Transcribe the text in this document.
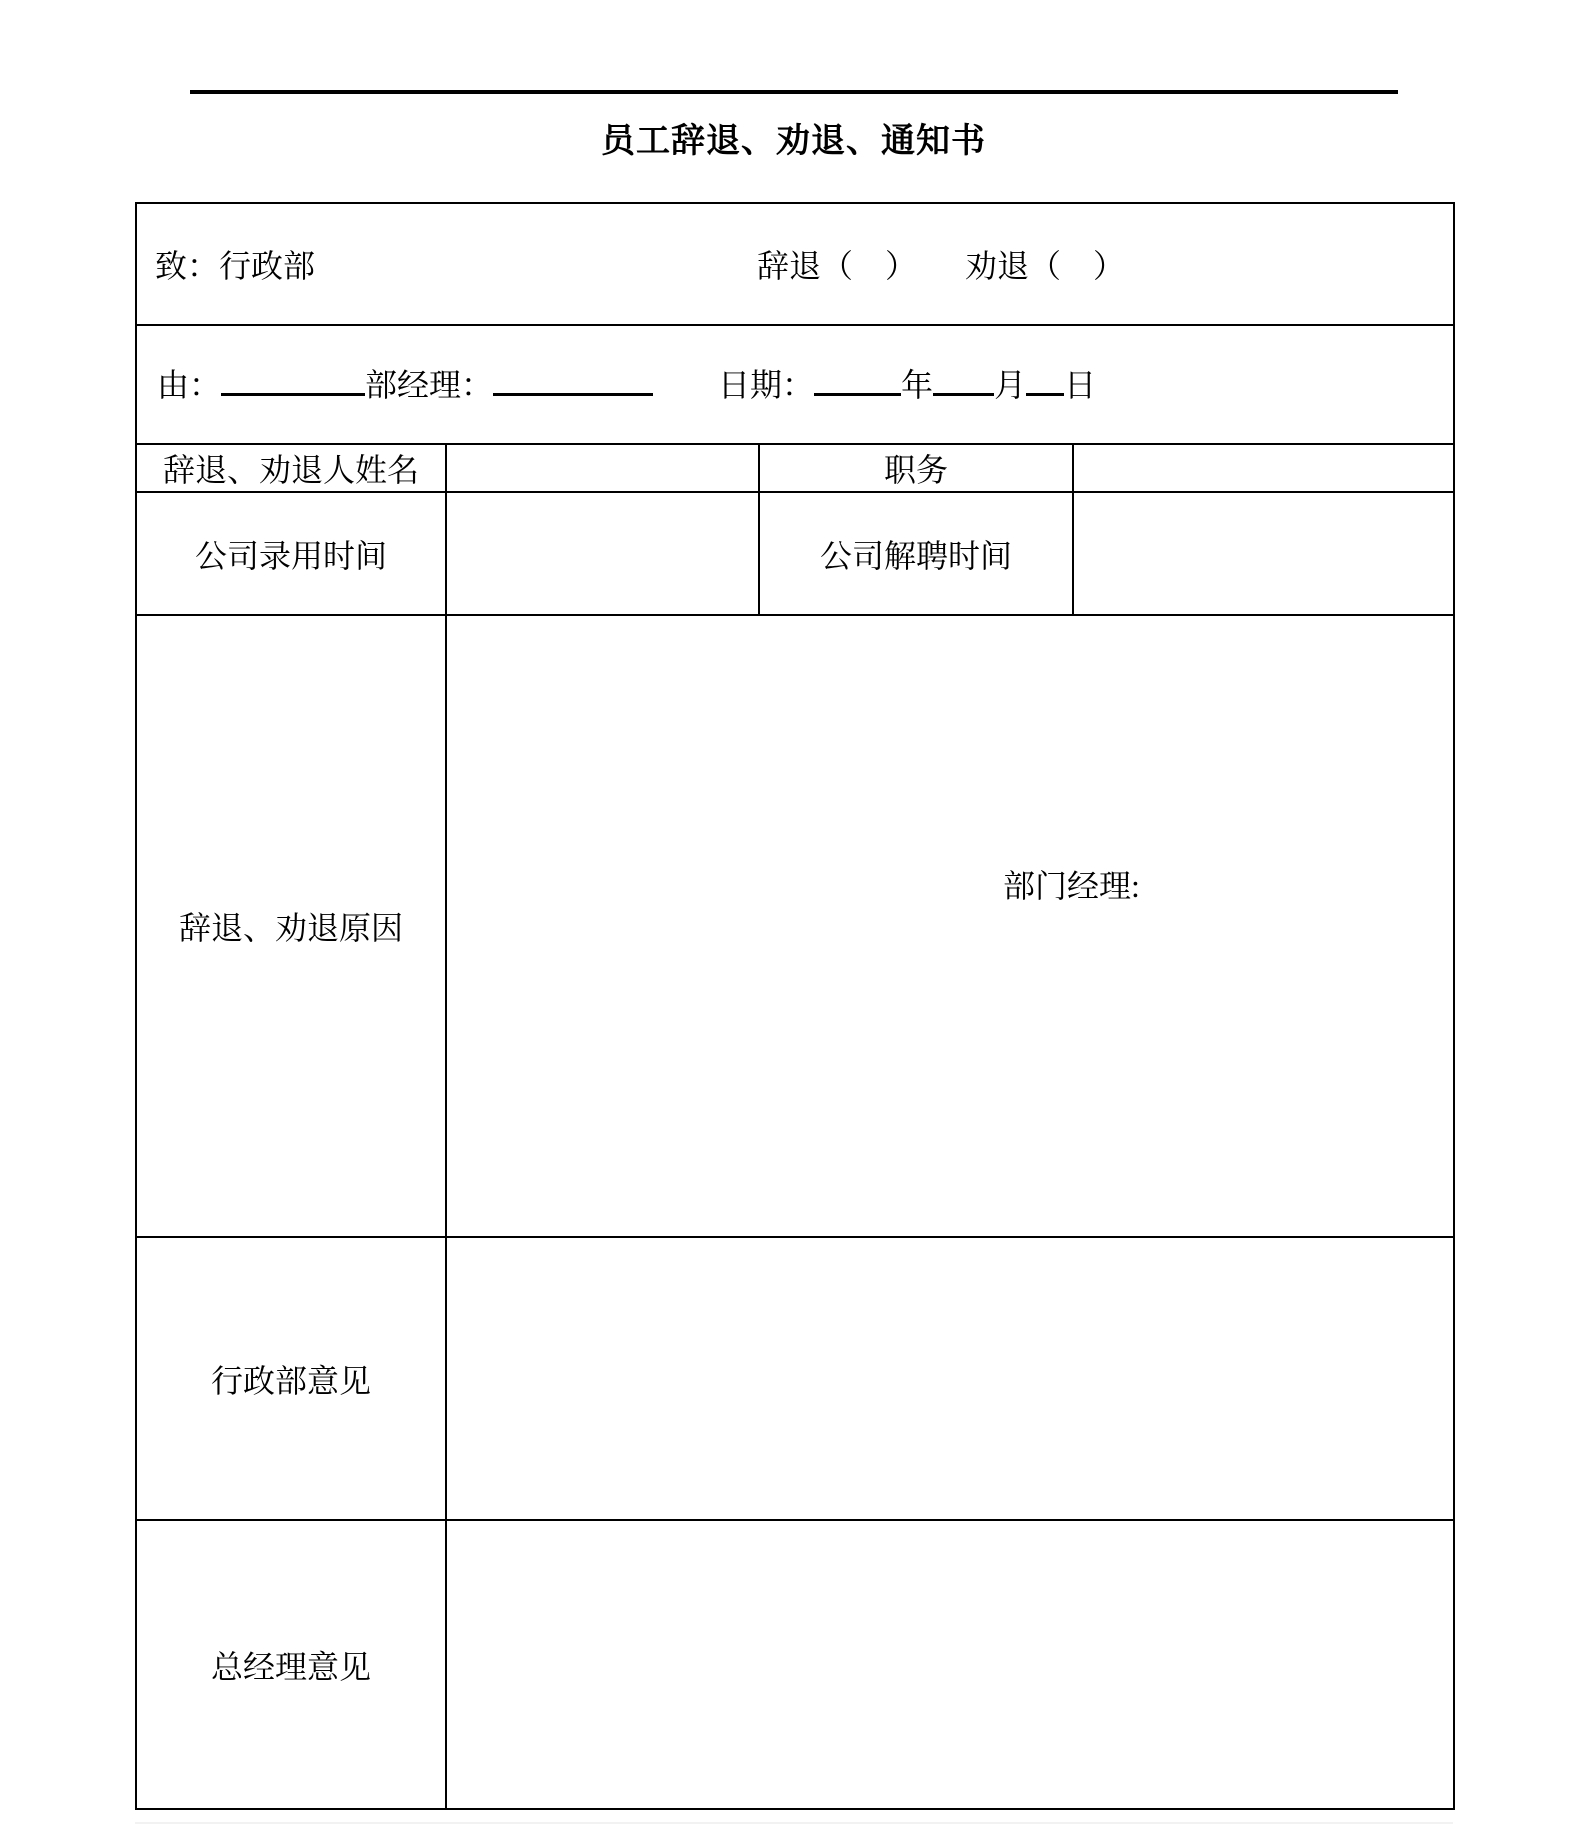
员工辞退、劝退、通知书
致：行政部 辞退（　）　　劝退（　）			

由： 部经理： 日期： 年 月 日			

辞退、劝退人姓名		职务	
公司录用时间		公司解聘时间	
辞退、劝退原因	部门经理:		

行政部意见			
总经理意见			
